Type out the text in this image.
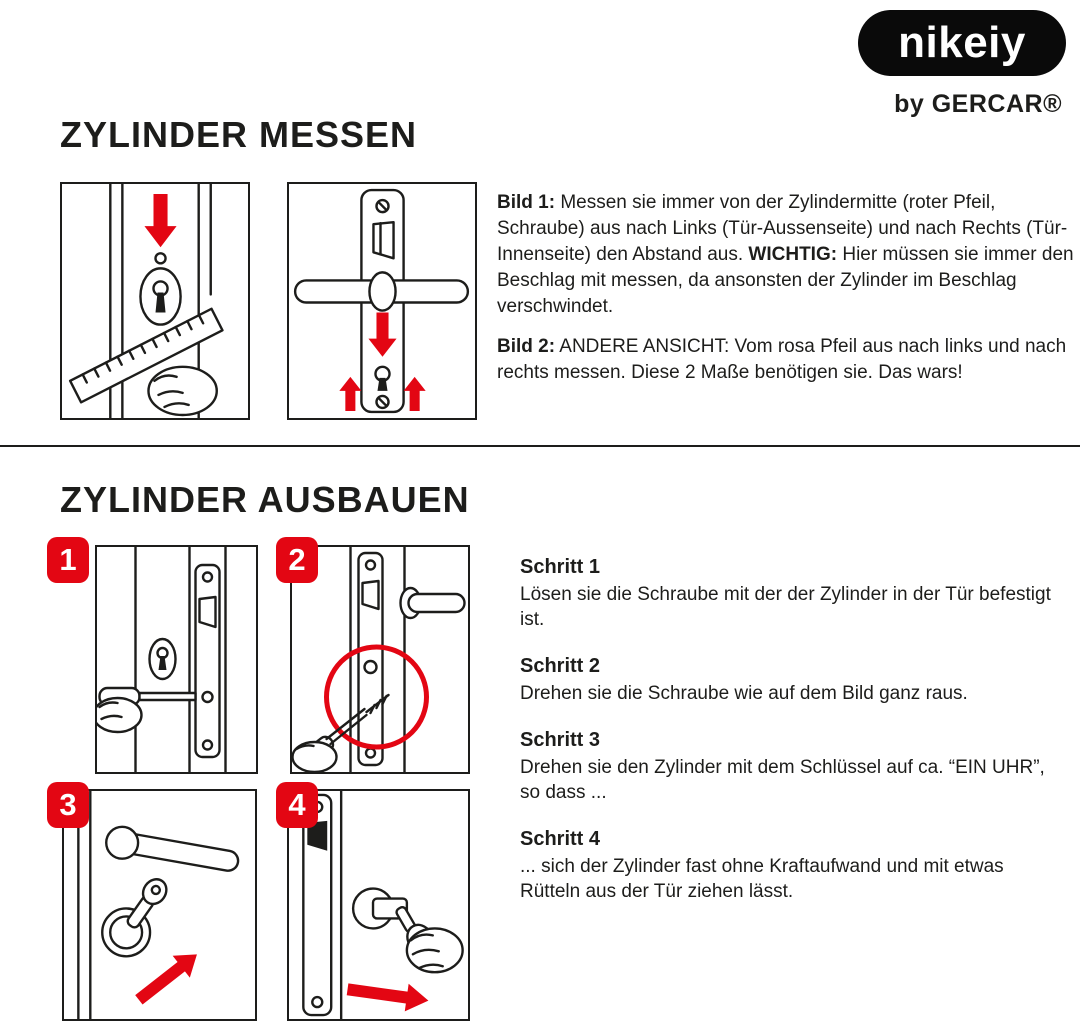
nikeiy
by GERCAR®
ZYLINDER MESSEN

Bild 1: Messen sie immer von der Zylindermitte (roter Pfeil, Schraube) aus nach Links (Tür-Aussenseite) und nach Rechts (Tür-Innenseite) den Abstand aus. WICHTIG: Hier müssen sie immer den Beschlag mit messen, da ansonsten der Zylinder im Beschlag verschwindet.

Bild 2: ANDERE ANSICHT: Vom rosa Pfeil aus nach links und nach rechts messen. Diese 2 Maße benötigen sie. Das wars!

ZYLINDER AUSBAUEN
1	2
3	4
Schritt 1
Lösen sie die Schraube mit der der Zylinder in der Tür befestigt ist.
Schritt 2
Drehen sie die Schraube wie auf dem Bild ganz raus.
Schritt 3
Drehen sie den Zylinder mit dem Schlüssel auf ca. “EIN UHR”, so dass ...
Schritt 4
... sich der Zylinder fast ohne Kraftaufwand und mit etwas Rütteln aus der Tür ziehen lässt.
